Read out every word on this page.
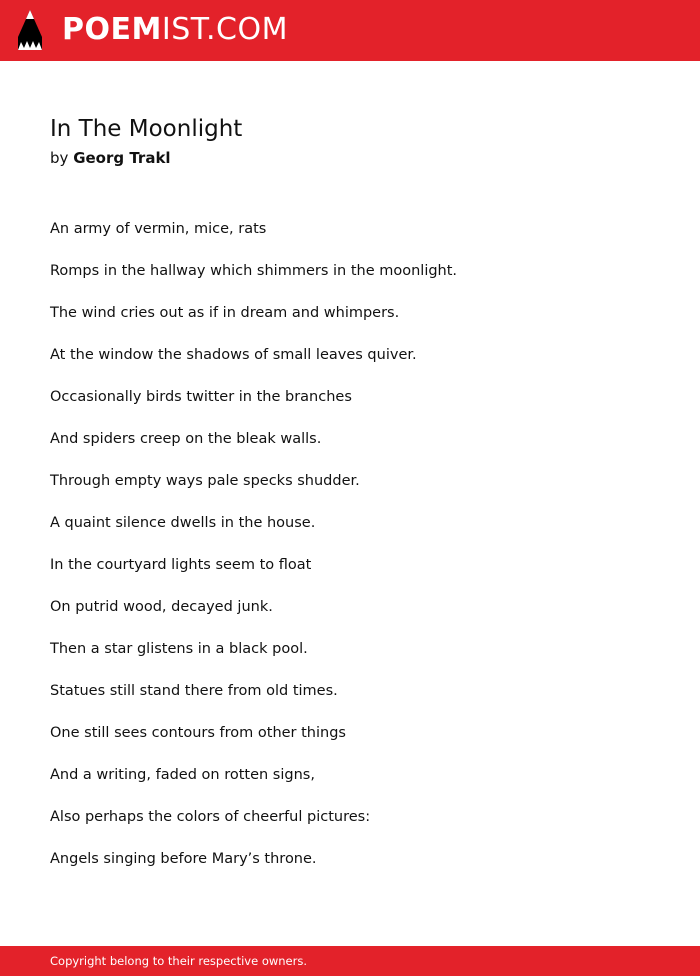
POEMIST.COM
In The Moonlight
by Georg Trakl
An army of vermin, mice, rats
Romps in the hallway which shimmers in the moonlight.
The wind cries out as if in dream and whimpers.
At the window the shadows of small leaves quiver.
Occasionally birds twitter in the branches
And spiders creep on the bleak walls.
Through empty ways pale specks shudder.
A quaint silence dwells in the house.
In the courtyard lights seem to float
On putrid wood, decayed junk.
Then a star glistens in a black pool.
Statues still stand there from old times.
One still sees contours from other things
And a writing, faded on rotten signs,
Also perhaps the colors of cheerful pictures:
Angels singing before Mary’s throne.
Copyright belong to their respective owners.
